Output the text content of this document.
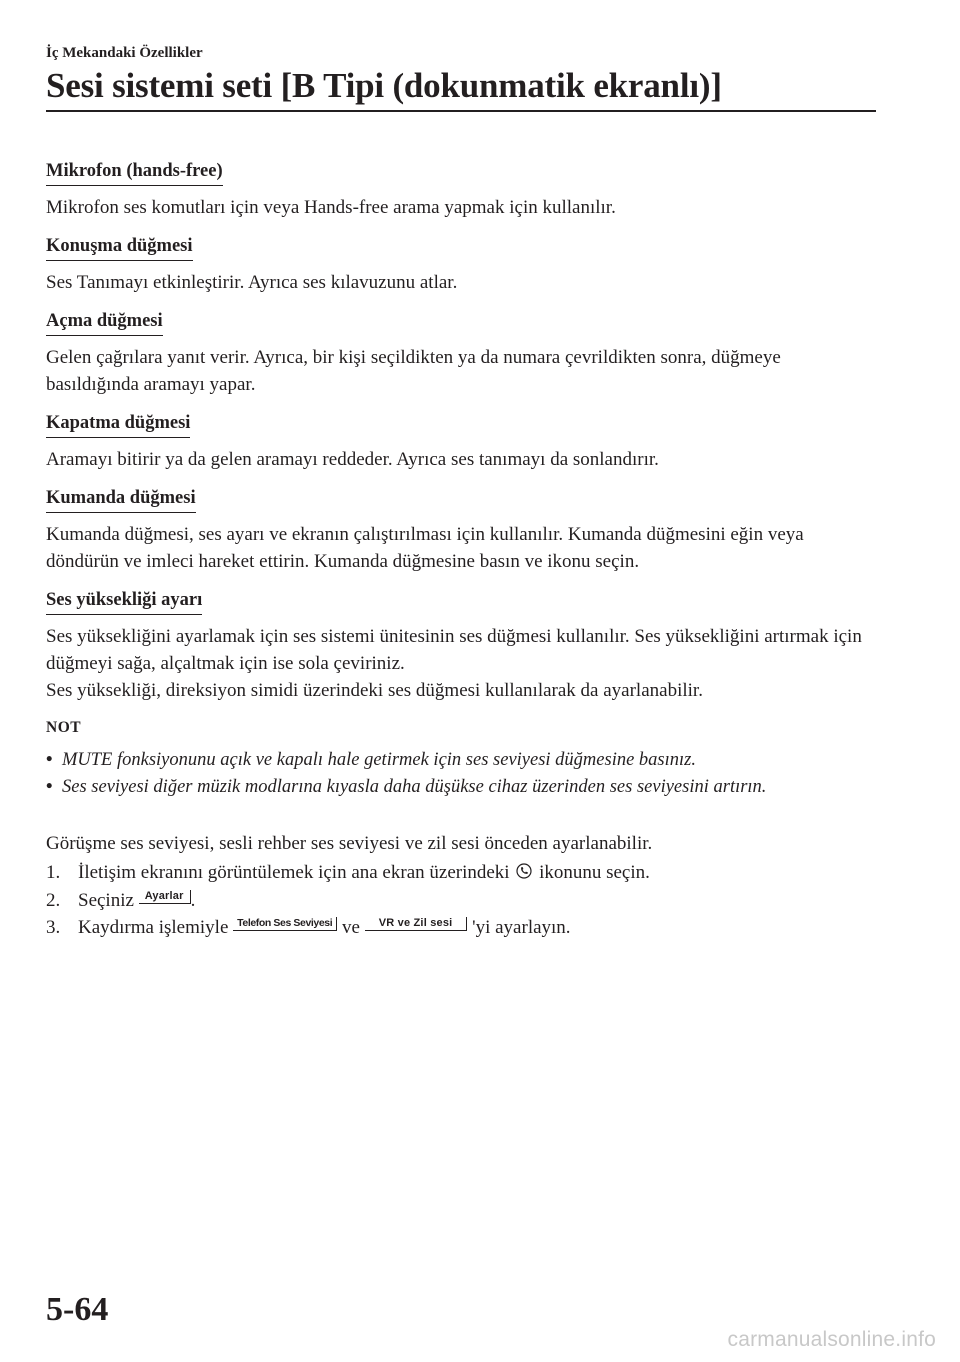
İç Mekandaki Özellikler
Sesi sistemi seti [B Tipi (dokunmatik ekranlı)]
Mikrofon (hands-free)

Mikrofon ses komutları için veya Hands-free arama yapmak için kullanılır.

Konuşma düğmesi

Ses Tanımayı etkinleştirir. Ayrıca ses kılavuzunu atlar.

Açma düğmesi

Gelen çağrılara yanıt verir. Ayrıca, bir kişi seçildikten ya da numara çevrildikten sonra, düğmeye basıldığında aramayı yapar.

Kapatma düğmesi

Aramayı bitirir ya da gelen aramayı reddeder. Ayrıca ses tanımayı da sonlandırır.

Kumanda düğmesi

Kumanda düğmesi, ses ayarı ve ekranın çalıştırılması için kullanılır. Kumanda düğmesini eğin veya döndürün ve imleci hareket ettirin. Kumanda düğmesine basın ve ikonu seçin.

Ses yüksekliği ayarı

Ses yüksekliğini ayarlamak için ses sistemi ünitesinin ses düğmesi kullanılır. Ses yüksekliğini artırmak için düğmeyi sağa, alçaltmak için ise sola çeviriniz.

Ses yüksekliği, direksiyon simidi üzerindeki ses düğmesi kullanılarak da ayarlanabilir.

NOT
• MUTE fonksiyonunu açık ve kapalı hale getirmek için ses seviyesi düğmesine basınız.
• Ses seviyesi diğer müzik modlarına kıyasla daha düşükse cihaz üzerinden ses seviyesini artırın.

Görüşme ses seviyesi, sesli rehber ses seviyesi ve zil sesi önceden ayarlanabilir.

1. İletişim ekranını görüntülemek için ana ekran üzerindeki ikonunu seçin.
2. Seçiniz Ayarlar .
3. Kaydırma işlemiyle Telefon Ses Seviyesi ve VR ve Zil sesi 'yi ayarlayın.
5-64
carmanualsonline.info
